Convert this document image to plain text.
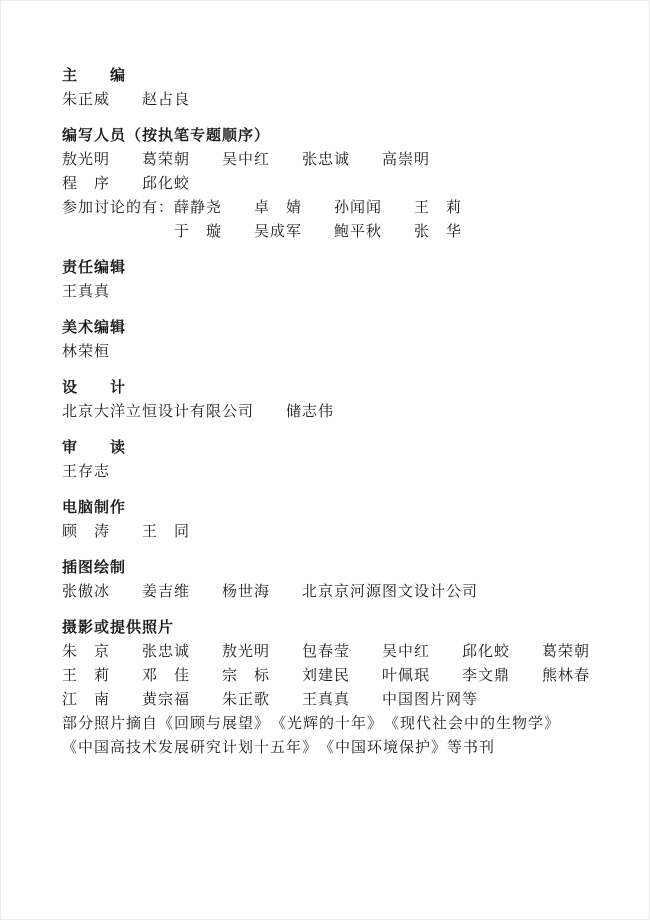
主　　编

朱正威　　赵占良

编写人员（按执笔专题顺序）

敖光明　　葛荣朝　　吴中红　　张忠诚　　高崇明

程　序　　邱化蛟

参加讨论的有：薛静尧　　卓　婧　　孙闻闻　　王　莉

　　　　　　　于　璇　　吴成军　　鲍平秋　　张　华

责任编辑

王真真

美术编辑

林荣桓

设　　计

北京大洋立恒设计有限公司　　储志伟

审　　读

王存志

电脑制作

顾　涛　　王　同

插图绘制

张傲冰　　姜吉维　　杨世海　　北京京河源图文设计公司

摄影或提供照片

朱　京　　张忠诚　　敖光明　　包春莹　　吴中红　　邱化蛟　　葛荣朝

王　莉　　邓　佳　　宗　标　　刘建民　　叶佩珉　　李文鼎　　熊林春

江　南　　黄宗福　　朱正歌　　王真真　　中国图片网等

部分照片摘自《回顾与展望》　《光辉的十年》　《现代社会中的生物学》

《中国高技术发展研究计划十五年》　《中国环境保护》等书刊
